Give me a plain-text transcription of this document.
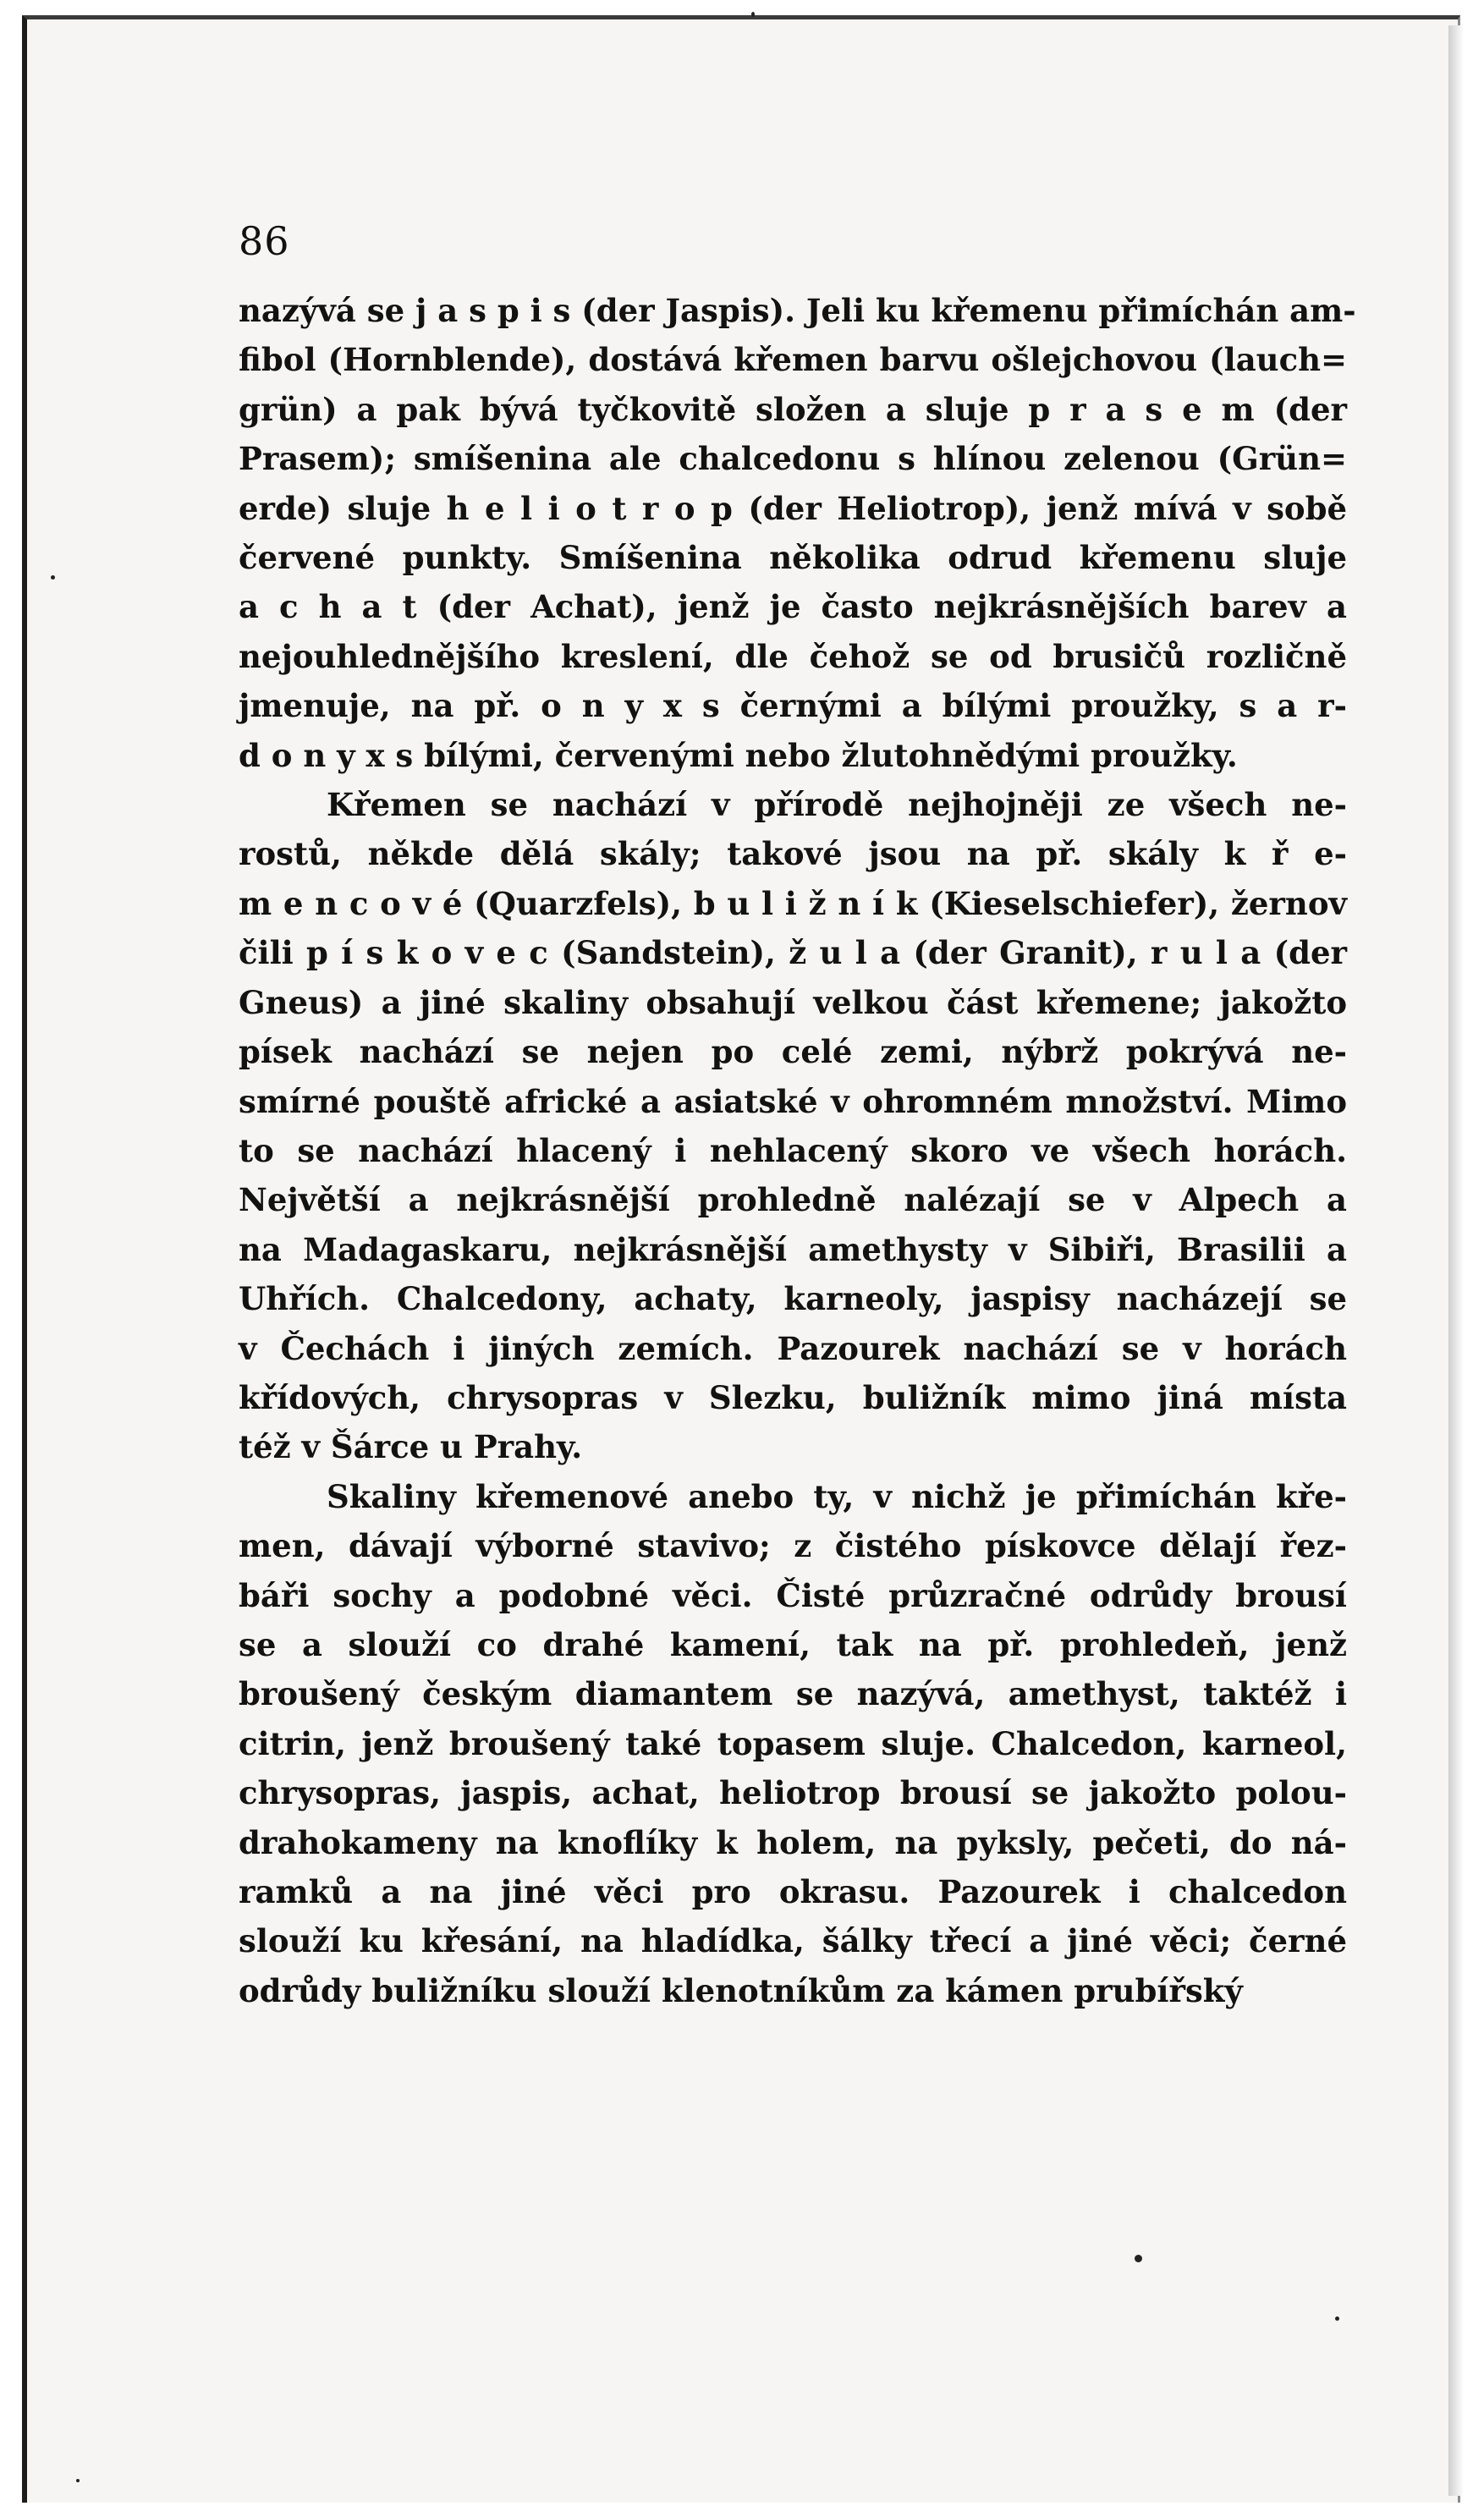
86
nazývá se j a s p i s (der Jaspis). Jeli ku křemenu přimíchán am-
fibol (Hornblende), dostává křemen barvu ošlejchovou (lauch=
grün) a pak bývá tyčkovitě složen a sluje p r a s e m (der
Prasem); smíšenina ale chalcedonu s hlínou zelenou (Grün=
erde) sluje h e l i o t r o p (der Heliotrop), jenž mívá v sobě
červené punkty. Smíšenina několika odrud křemenu sluje
a c h a t (der Achat), jenž je často nejkrásnějších barev a
nejouhlednějšího kreslení, dle čehož se od brusičů rozličně
jmenuje, na př. o n y x s černými a bílými proužky, s a r-
d o n y x s bílými, červenými nebo žlutohnědými proužky.
Křemen se nachází v přírodě nejhojněji ze všech ne-
rostů, někde dělá skály; takové jsou na př. skály k ř e-
m e n c o v é (Quarzfels), b u l i ž n í k (Kieselschiefer), žernov
čili p í s k o v e c (Sandstein), ž u l a (der Granit), r u l a (der
Gneus) a jiné skaliny obsahují velkou část křemene; jakožto
písek nachází se nejen po celé zemi, nýbrž pokrývá ne-
smírné pouště africké a asiatské v ohromném množství. Mimo
to se nachází hlacený i nehlacený skoro ve všech horách.
Největší a nejkrásnější prohledně nalézají se v Alpech a
na Madagaskaru, nejkrásnější amethysty v Sibiři, Brasilii a
Uhřích. Chalcedony, achaty, karneoly, jaspisy nacházejí se
v Čechách i jiných zemích. Pazourek nachází se v horách
křídových, chrysopras v Slezku, buližník mimo jiná místa
též v Šárce u Prahy.
Skaliny křemenové anebo ty, v nichž je přimíchán kře-
men, dávají výborné stavivo; z čistého pískovce dělají řez-
báři sochy a podobné věci. Čisté průzračné odrůdy brousí
se a slouží co drahé kamení, tak na př. prohledeň, jenž
broušený českým diamantem se nazývá, amethyst, taktéž i
citrin, jenž broušený také topasem sluje. Chalcedon, karneol,
chrysopras, jaspis, achat, heliotrop brousí se jakožto polou-
drahokameny na knoflíky k holem, na pyksly, pečeti, do ná-
ramků a na jiné věci pro okrasu. Pazourek i chalcedon
slouží ku křesání, na hladídka, šálky třecí a jiné věci; černé
odrůdy buližníku slouží klenotníkům za kámen prubířský
